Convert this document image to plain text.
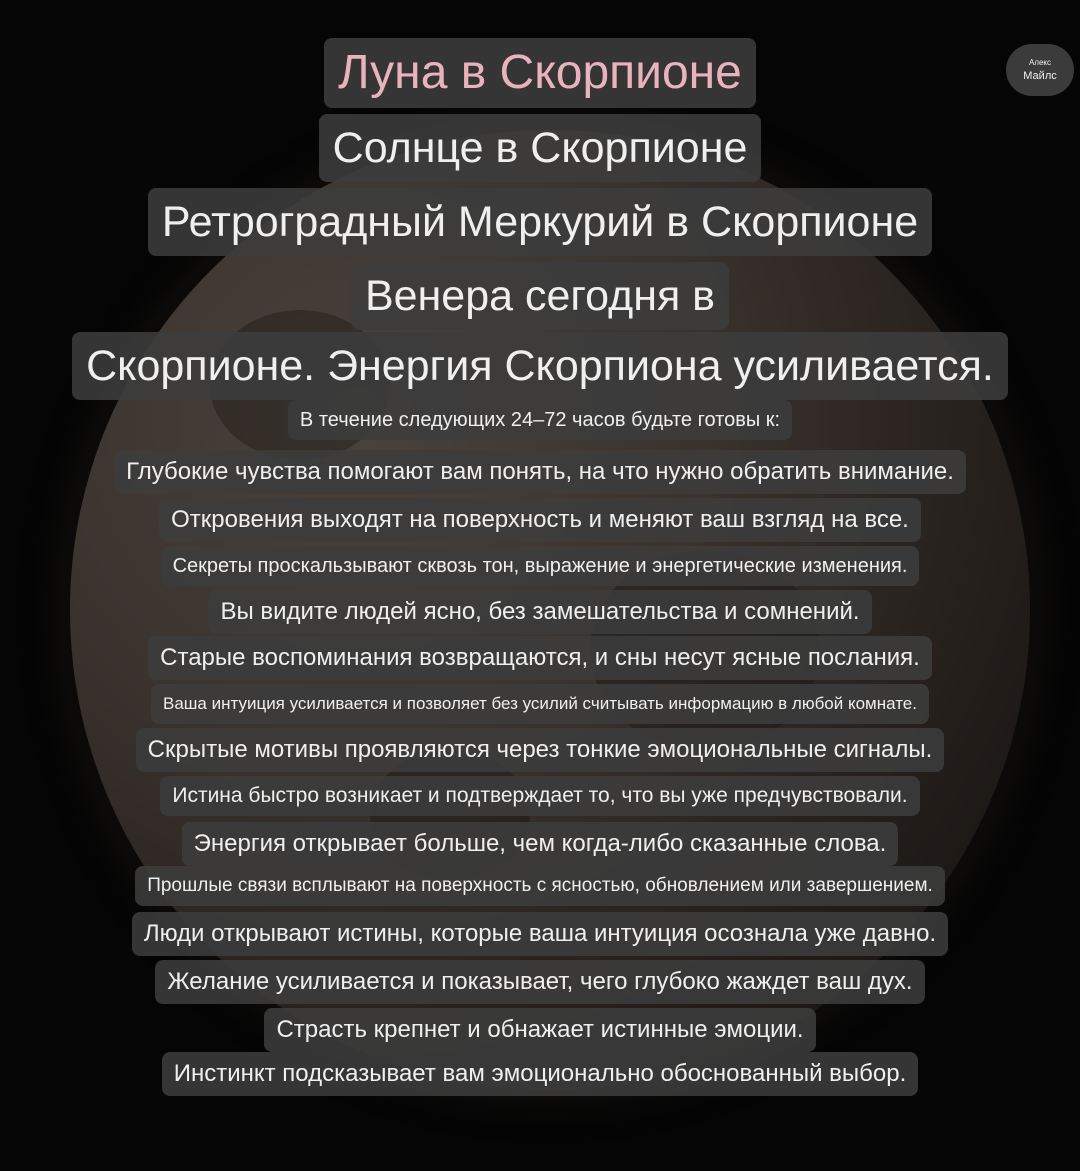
Алекс
Майлс
Луна в Скорпионе
Солнце в Скорпионе
Ретроградный Меркурий в Скорпионе
Венера сегодня в
Скорпионе. Энергия Скорпиона усиливается.
В течение следующих 24–72 часов будьте готовы к:
Глубокие чувства помогают вам понять, на что нужно обратить внимание.
Откровения выходят на поверхность и меняют ваш взгляд на все.
Секреты проскальзывают сквозь тон, выражение и энергетические изменения.
Вы видите людей ясно, без замешательства и сомнений.
Старые воспоминания возвращаются, и сны несут ясные послания.
Ваша интуиция усиливается и позволяет без усилий считывать информацию в любой комнате.
Скрытые мотивы проявляются через тонкие эмоциональные сигналы.
Истина быстро возникает и подтверждает то, что вы уже предчувствовали.
Энергия открывает больше, чем когда-либо сказанные слова.
Прошлые связи всплывают на поверхность с ясностью, обновлением или завершением.
Люди открывают истины, которые ваша интуиция осознала уже давно.
Желание усиливается и показывает, чего глубоко жаждет ваш дух.
Страсть крепнет и обнажает истинные эмоции.
Инстинкт подсказывает вам эмоционально обоснованный выбор.
